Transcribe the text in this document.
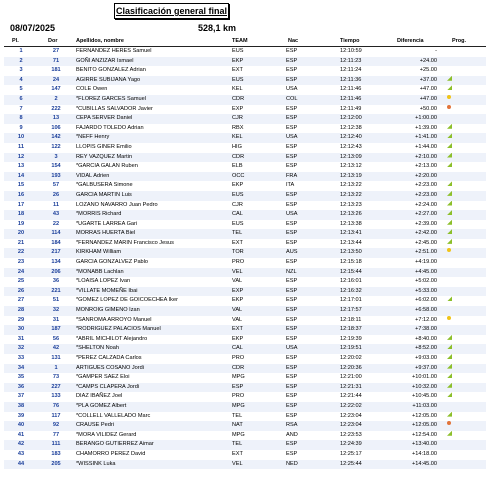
Clasificación general final
08/07/2025	528,1 km
Pl.	Dor	Apellidos, nombre	TEAM	Nac	Tiempo	Diferencia	Prog.
1	27	FERNANDEZ HERES Samuel	EUS	ESP	12:10:59	-
2	71	GOÑI ANZIZAR Ismael	EKP	ESP	12:11:23	+24.00
3	181	BENITO GONZALEZ Adrian	EXT	ESP	12:11:24	+25.00
4	24	AGIRRE SUBIJANA Yago	EUS	ESP	12:11:36	+37.00
5	147	COLE Owen	KEL	USA	12:11:46	+47.00
6	2	*FLOREZ GARCES Samuel	CDR	COL	12:11:46	+47.00
7	222	*CUBILLAS SALVADOR Javier	EXP	ESP	12:11:49	+50.00
8	13	CEPA SERVER Daniel	CJR	ESP	12:12:00	+1:00.00
9	106	FAJARDO TOLEDO Adrian	RBX	ESP	12:12:38	+1:39.00
10	142	*NEFF Henry	KEL	USA	12:12:40	+1:41.00
11	122	LLOPIS GINER Emilio	HIG	ESP	12:12:43	+1:44.00
12	3	REY VAZQUEZ Martin	CDR	ESP	12:13:09	+2:10.00
13	154	*GARCIA GALAN Ruben	ELB	ESP	12:13:12	+2:13.00
14	193	VIDAL Adrien	OCC	FRA	12:13:19	+2:20.00
15	57	*GALBUSERA Simone	EKP	ITA	12:13:22	+2:23.00
16	26	GARCIA MARTIN Luis	EUS	ESP	12:13:22	+2:23.00
17	11	LOZANO NAVARRO Juan Pedro	CJR	ESP	12:13:23	+2:24.00
18	43	*MORRIS Richard	CAL	USA	12:13:26	+2:27.00
19	22	*UGARTE LARREA Gari	EUS	ESP	12:13:38	+2:39.00
20	114	MORRAS HUERTA Biel	TEL	ESP	12:13:41	+2:42.00
21	184	*FERNANDEZ MARIN Francisco Jesus	EXT	ESP	12:13:44	+2:45.00
22	217	KIRKHAM William	TOR	AUS	12:13:50	+2:51.00
23	134	GARCIA GONZALVEZ Pablo	PRO	ESP	12:15:18	+4:19.00
24	206	*MONABB Lachlan	VEL	NZL	12:15:44	+4:45.00
25	36	*LOAISA LOPEZ Ivan	VAL	ESP	12:16:01	+5:02.00
26	221	*VILLATE MOMEÑE Ibai	EXP	ESP	12:16:32	+5:33.00
27	51	*GOMEZ LOPEZ DE GOICOECHEA Iker	EKP	ESP	12:17:01	+6:02.00
28	32	MONROIG GIMENO Izan	VAL	ESP	12:17:57	+6:58.00
29	31	*SANROMA ARROYO Manuel	VAL	ESP	12:18:11	+7:12.00
30	187	*RODRIGUEZ PALACIOS Manuel	EXT	ESP	12:18:37	+7:38.00
31	56	*ABRIL MICHILOT Alejandro	EKP	ESP	12:19:39	+8:40.00
32	42	*SHELTON Noah	CAL	USA	12:19:51	+8:52.00
33	131	*PEREZ CALZADA Carlos	PRO	ESP	12:20:02	+9:03.00
34	1	ARTIGUES COSANO Jordi	CDR	ESP	12:20:36	+9:37.00
35	73	*GAMPER SAEZ Eloi	MPG	ESP	12:21:00	+10:01.00
36	227	*CAMPS CLAPERA Jordi	ESP	ESP	12:21:31	+10:32.00
37	133	DIAZ IBAÑEZ Joel	PRO	ESP	12:21:44	+10:45.00
38	76	*PLA GOMEZ Albert	MPG	ESP	12:22:02	+11:03.00
39	117	*COLLELL VALLELADO Marc	TEL	ESP	12:23:04	+12:05.00
40	92	CRAUSE Pedri	NAT	RSA	12:23:04	+12:05.00
41	77	*MORA VILIDEZ Gerard	MPG	AND	12:23:53	+12:54.00
42	111	BERANGO GUTIERREZ Aimar	TEL	ESP	12:24:39	+13:40.00
43	183	CHAMORRO PEREZ David	EXT	ESP	12:25:17	+14:18.00
44	205	*WISSINK Luka	VEL	NED	12:25:44	+14:45.00
